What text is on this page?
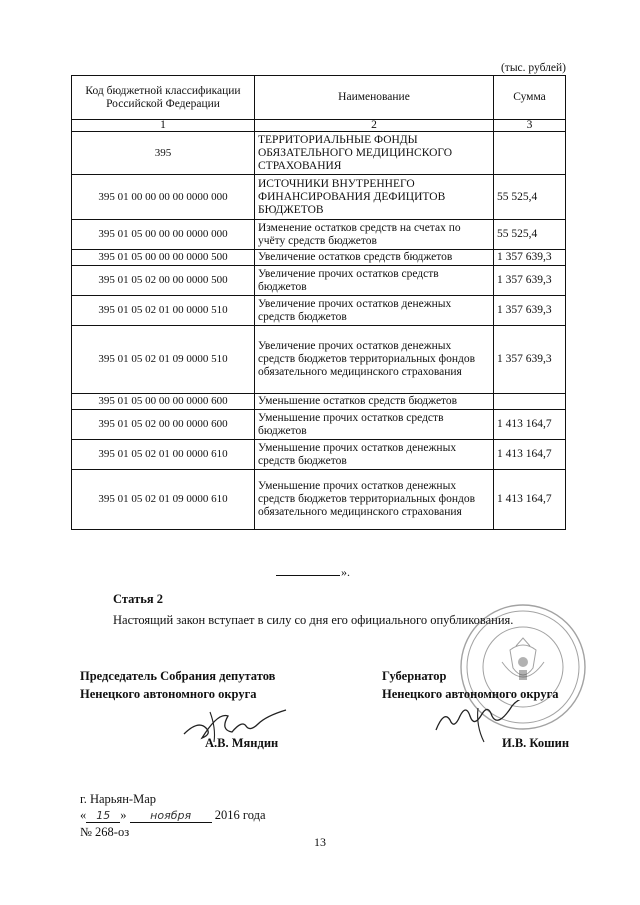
(тыс. рублей)
Код бюджетной классификации Российской Федерации	Наименование	Сумма
1	2	3
395	ТЕРРИТОРИАЛЬНЫЕ ФОНДЫ ОБЯЗАТЕЛЬНОГО МЕДИЦИНСКОГО СТРАХОВАНИЯ	
395 01 00 00 00 00 0000 000	ИСТОЧНИКИ ВНУТРЕННЕГО ФИНАНСИРОВАНИЯ ДЕФИЦИТОВ БЮДЖЕТОВ	55 525,4
395 01 05 00 00 00 0000 000	Изменение остатков средств на счетах по учёту средств бюджетов	55 525,4
395 01 05 00 00 00 0000 500	Увеличение остатков средств бюджетов	1 357 639,3
395 01 05 02 00 00 0000 500	Увеличение прочих остатков средств бюджетов	1 357 639,3
395 01 05 02 01 00 0000 510	Увеличение прочих остатков денежных средств бюджетов	1 357 639,3
395 01 05 02 01 09 0000 510	Увеличение прочих остатков денежных средств бюджетов территориальных фондов обязательного медицинского страхования	1 357 639,3
395 01 05 00 00 00 0000 600	Уменьшение остатков средств бюджетов	
395 01 05 02 00 00 0000 600	Уменьшение прочих остатков средств бюджетов	1 413 164,7
395 01 05 02 01 00 0000 610	Уменьшение прочих остатков денежных средств бюджетов	1 413 164,7
395 01 05 02 01 09 0000 610	Уменьшение прочих остатков денежных средств бюджетов территориальных фондов обязательного медицинского страхования	1 413 164,7
».
Статья 2
Настоящий закон вступает в силу со дня его официального опубликования.
Председатель Собрания депутатов
Ненецкого автономного округа
Губернатор
Ненецкого автономного округа
А.В. Мяндин	И.В. Кошин
г. Нарьян-Мар
« 15 » ноября 2016 года
№ 268-оз
13
